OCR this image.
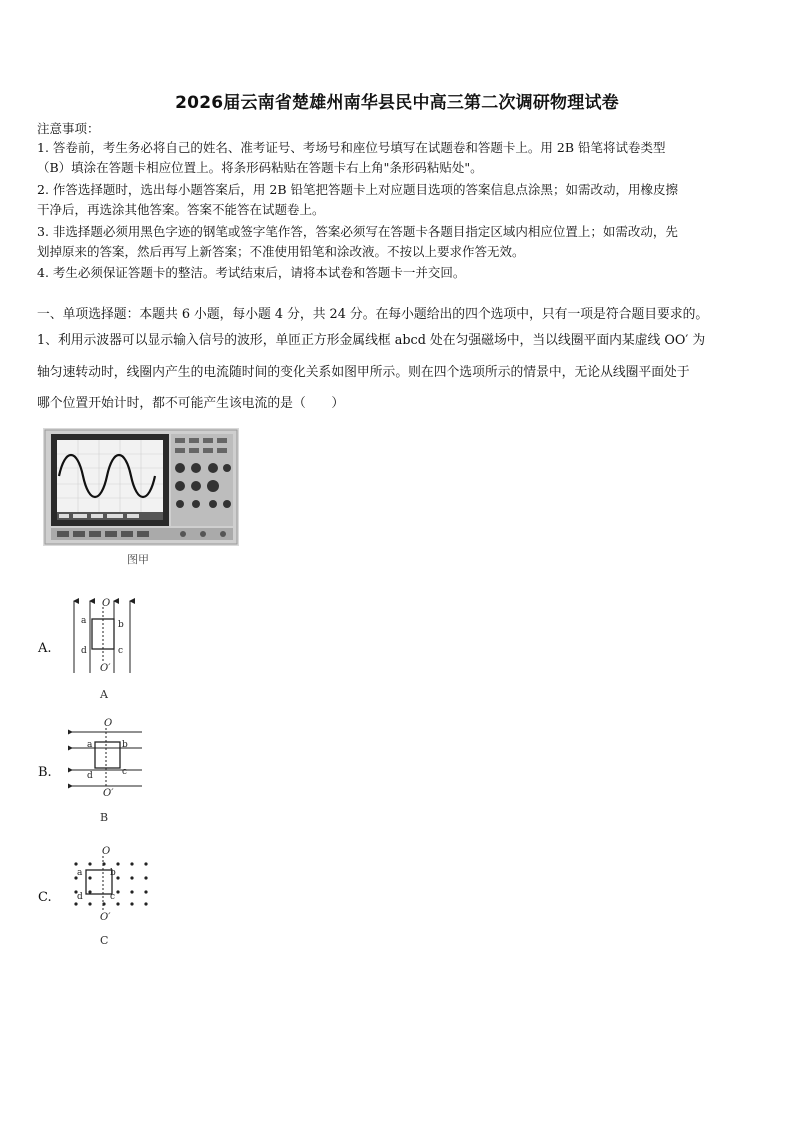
2026届云南省楚雄州南华县民中高三第二次调研物理试卷
注意事项：
1. 答卷前，考生务必将自己的姓名、准考证号、考场号和座位号填写在试题卷和答题卡上。用 2B 铅笔将试卷类型
（B）填涂在答题卡相应位置上。将条形码粘贴在答题卡右上角"条形码粘贴处"。
2. 作答选择题时，选出每小题答案后，用 2B 铅笔把答题卡上对应题目选项的答案信息点涂黑；如需改动，用橡皮擦
干净后，再选涂其他答案。答案不能答在试题卷上。
3. 非选择题必须用黑色字迹的钢笔或签字笔作答，答案必须写在答题卡各题目指定区域内相应位置上；如需改动，先
划掉原来的答案，然后再写上新答案；不准使用铅笔和涂改液。不按以上要求作答无效。
4. 考生必须保证答题卡的整洁。考试结束后，请将本试卷和答题卡一并交回。
一、单项选择题：本题共 6 小题，每小题 4 分，共 24 分。在每小题给出的四个选项中，只有一项是符合题目要求的。
1、利用示波器可以显示输入信号的波形，单匝正方形金属线框 abcd 处在匀强磁场中，当以线圈平面内某虚线 OO′ 为
轴匀速转动时，线圈内产生的电流随时间的变化关系如图甲所示。则在四个选项所示的情景中，无论从线圈平面处于
哪个位置开始计时，都不可能产生该电流的是（　　）
图甲
A.
O
O′
a	b
c
d
A
B.
O
O′
a	b
c
d
B
C.
O
O′
a	b
c
d
C
